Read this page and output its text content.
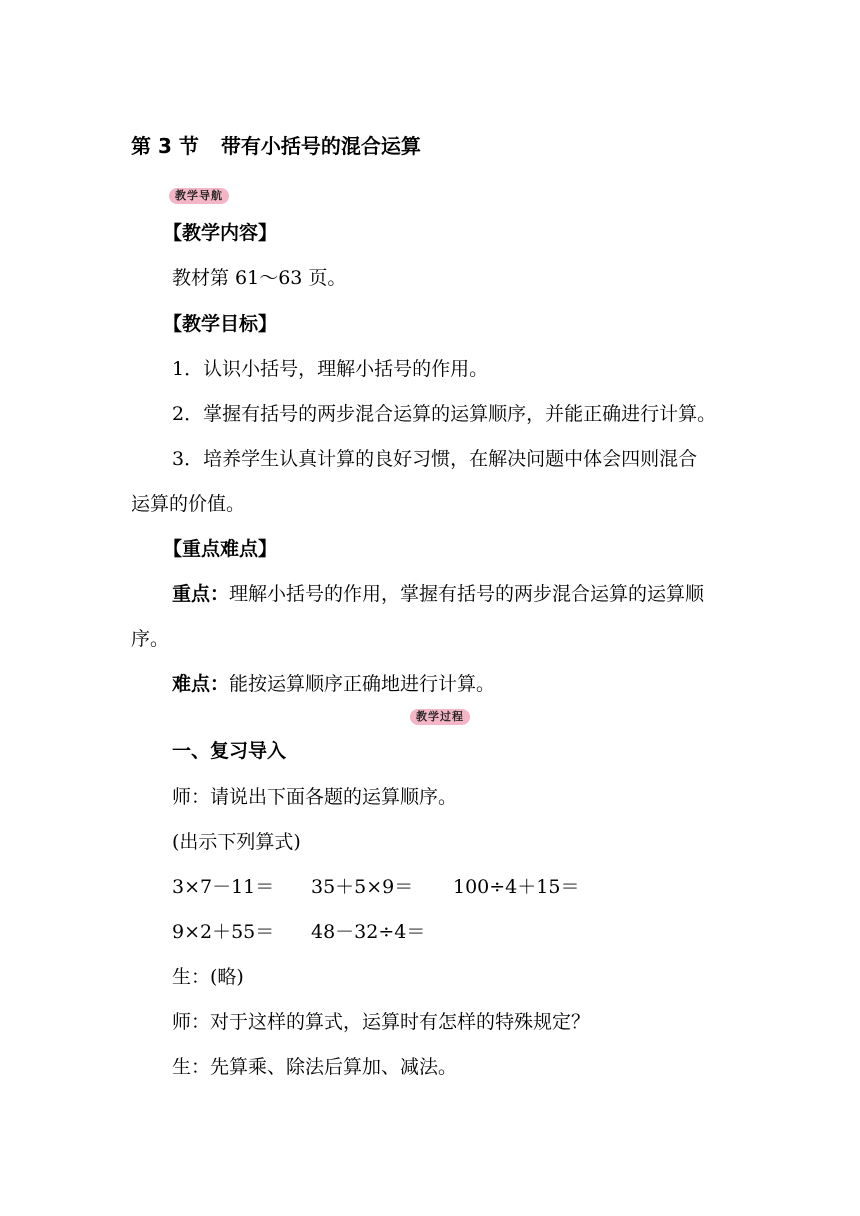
第 3 节 带有小括号的混合运算
教学导航
【教学内容】
教材第 61～63 页。
【教学目标】
1．认识小括号，理解小括号的作用。
2．掌握有括号的两步混合运算的运算顺序，并能正确进行计算。
3．培养学生认真计算的良好习惯，在解决问题中体会四则混合
运算的价值。
【重点难点】
重点：理解小括号的作用，掌握有括号的两步混合运算的运算顺
序。
难点：能按运算顺序正确地进行计算。
教学过程
一、复习导入
师：请说出下面各题的运算顺序。
(出示下列算式)
3×7－11＝ 35＋5×9＝ 100÷4＋15＝
9×2＋55＝ 48－32÷4＝
生：(略)
师：对于这样的算式，运算时有怎样的特殊规定？
生：先算乘、除法后算加、减法。
